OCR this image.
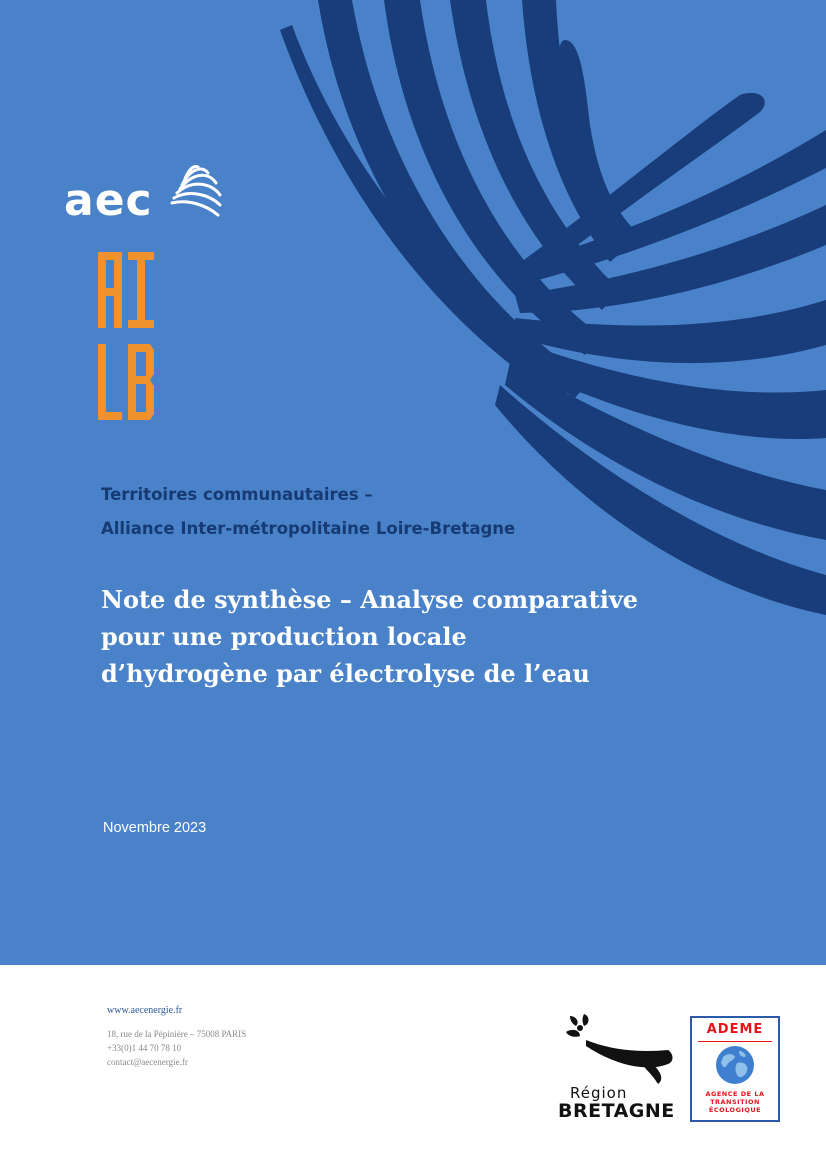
aec
Territoires communautaires –
Alliance Inter-métropolitaine Loire-Bretagne
Note de synthèse – Analyse comparative pour une production locale d’hydrogène par électrolyse de l’eau
Novembre 2023
www.aecenergie.fr
18, rue de la Pépinière – 75008 PARIS
+33(0)1 44 70 78 10
contact@aecenergie.fr
Région
BRETAGNE
ADEME
AGENCE DE LA
TRANSITION
ÉCOLOGIQUE
